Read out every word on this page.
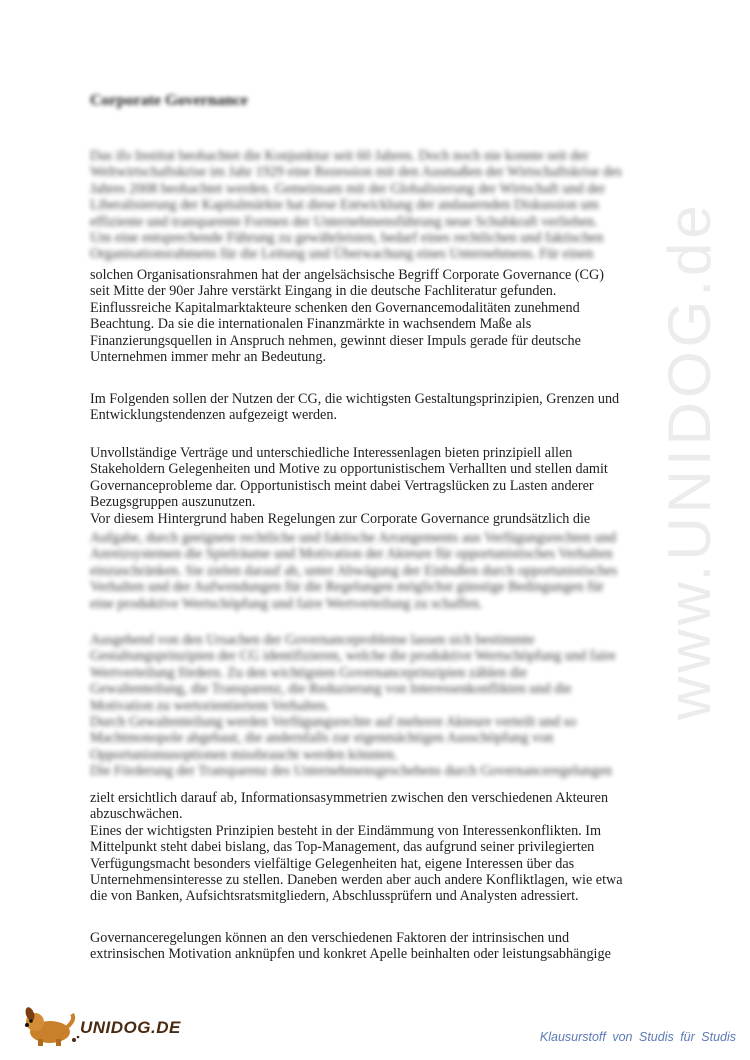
www.UNIDOG.de
Corporate Governance
Das ifo Institut beobachtet die Konjunktur seit 60 Jahren. Doch noch nie konnte seit der
Weltwirtschaftskrise im Jahr 1929 eine Rezession mit den Ausmaßen der Wirtschaftskrise des
Jahres 2008 beobachtet werden. Gemeinsam mit der Globalisierung der Wirtschaft und der
Liberalisierung der Kapitalmärkte hat diese Entwicklung der andauernden Diskussion um
effiziente und transparente Formen der Unternehmensführung neue Schubkraft verliehen.
Um eine entsprechende Führung zu gewährleisten, bedarf eines rechtlichen und faktischen
Organisationsrahmens für die Leitung und Überwachung eines Unternehmens. Für einen
solchen Organisationsrahmen hat der angelsächsische Begriff Corporate Governance (CG)
seit Mitte der 90er Jahre verstärkt Eingang in die deutsche Fachliteratur gefunden.
Einflussreiche Kapitalmarktakteure schenken den Governancemodalitäten zunehmend
Beachtung. Da sie die internationalen Finanzmärkte in wachsendem Maße als
Finanzierungsquellen in Anspruch nehmen, gewinnt dieser Impuls gerade für deutsche
Unternehmen immer mehr an Bedeutung.
Im Folgenden sollen der Nutzen der CG, die wichtigsten Gestaltungsprinzipien, Grenzen und
Entwicklungstendenzen aufgezeigt werden.
Unvollständige Verträge und unterschiedliche Interessenlagen bieten prinzipiell allen
Stakeholdern Gelegenheiten und Motive zu opportunistischem Verhallten und stellen damit
Governanceprobleme dar. Opportunistisch meint dabei Vertragslücken zu Lasten anderer
Bezugsgruppen auszunutzen.
Vor diesem Hintergrund haben Regelungen zur Corporate Governance grundsätzlich die
Aufgabe, durch geeignete rechtliche und faktische Arrangements aus Verfügungsrechten und
Anreizsystemen die Spielräume und Motivation der Akteure für opportunistisches Verhalten
einzuschränken. Sie zielen darauf ab, unter Abwägung der Einbußen durch opportunistisches
Verhalten und der Aufwendungen für die Regelungen möglichst günstige Bedingungen für
eine produktive Wertschöpfung und faire Wertverteilung zu schaffen.
Ausgehend von den Ursachen der Governanceprobleme lassen sich bestimmte
Gestaltungsprinzipien der CG identifizieren, welche die produktive Wertschöpfung und faire
Wertverteilung fördern. Zu den wichtigsten Governanceprinzipien zählen die
Gewaltenteilung, die Transparenz, die Reduzierung von Interessenkonflikten und die
Motivation zu wertorientiertem Verhalten.
Durch Gewaltenteilung werden Verfügungsrechte auf mehrere Akteure verteilt und so
Machtmonopole abgebaut, die andernfalls zur eigenmächtigen Ausschöpfung von
Opportunismusoptionen missbraucht werden könnten.
Die Förderung der Transparenz des Unternehmensgeschehens durch Governanceregelungen
zielt ersichtlich darauf ab, Informationsasymmetrien zwischen den verschiedenen Akteuren
abzuschwächen.
Eines der wichtigsten Prinzipien besteht in der Eindämmung von Interessenkonflikten. Im
Mittelpunkt steht dabei bislang, das Top-Management, das aufgrund seiner privilegierten
Verfügungsmacht besonders vielfältige Gelegenheiten hat, eigene Interessen über das
Unternehmensinteresse zu stellen. Daneben werden aber auch andere Konfliktlagen, wie etwa
die von Banken, Aufsichtsratsmitgliedern, Abschlussprüfern und Analysten adressiert.
Governanceregelungen können an den verschiedenen Faktoren der intrinsischen und
extrinsischen Motivation anknüpfen und konkret Apelle beinhalten oder leistungsabhängige
UNIDOG.DE	Klausurstoff von Studis für Studis
